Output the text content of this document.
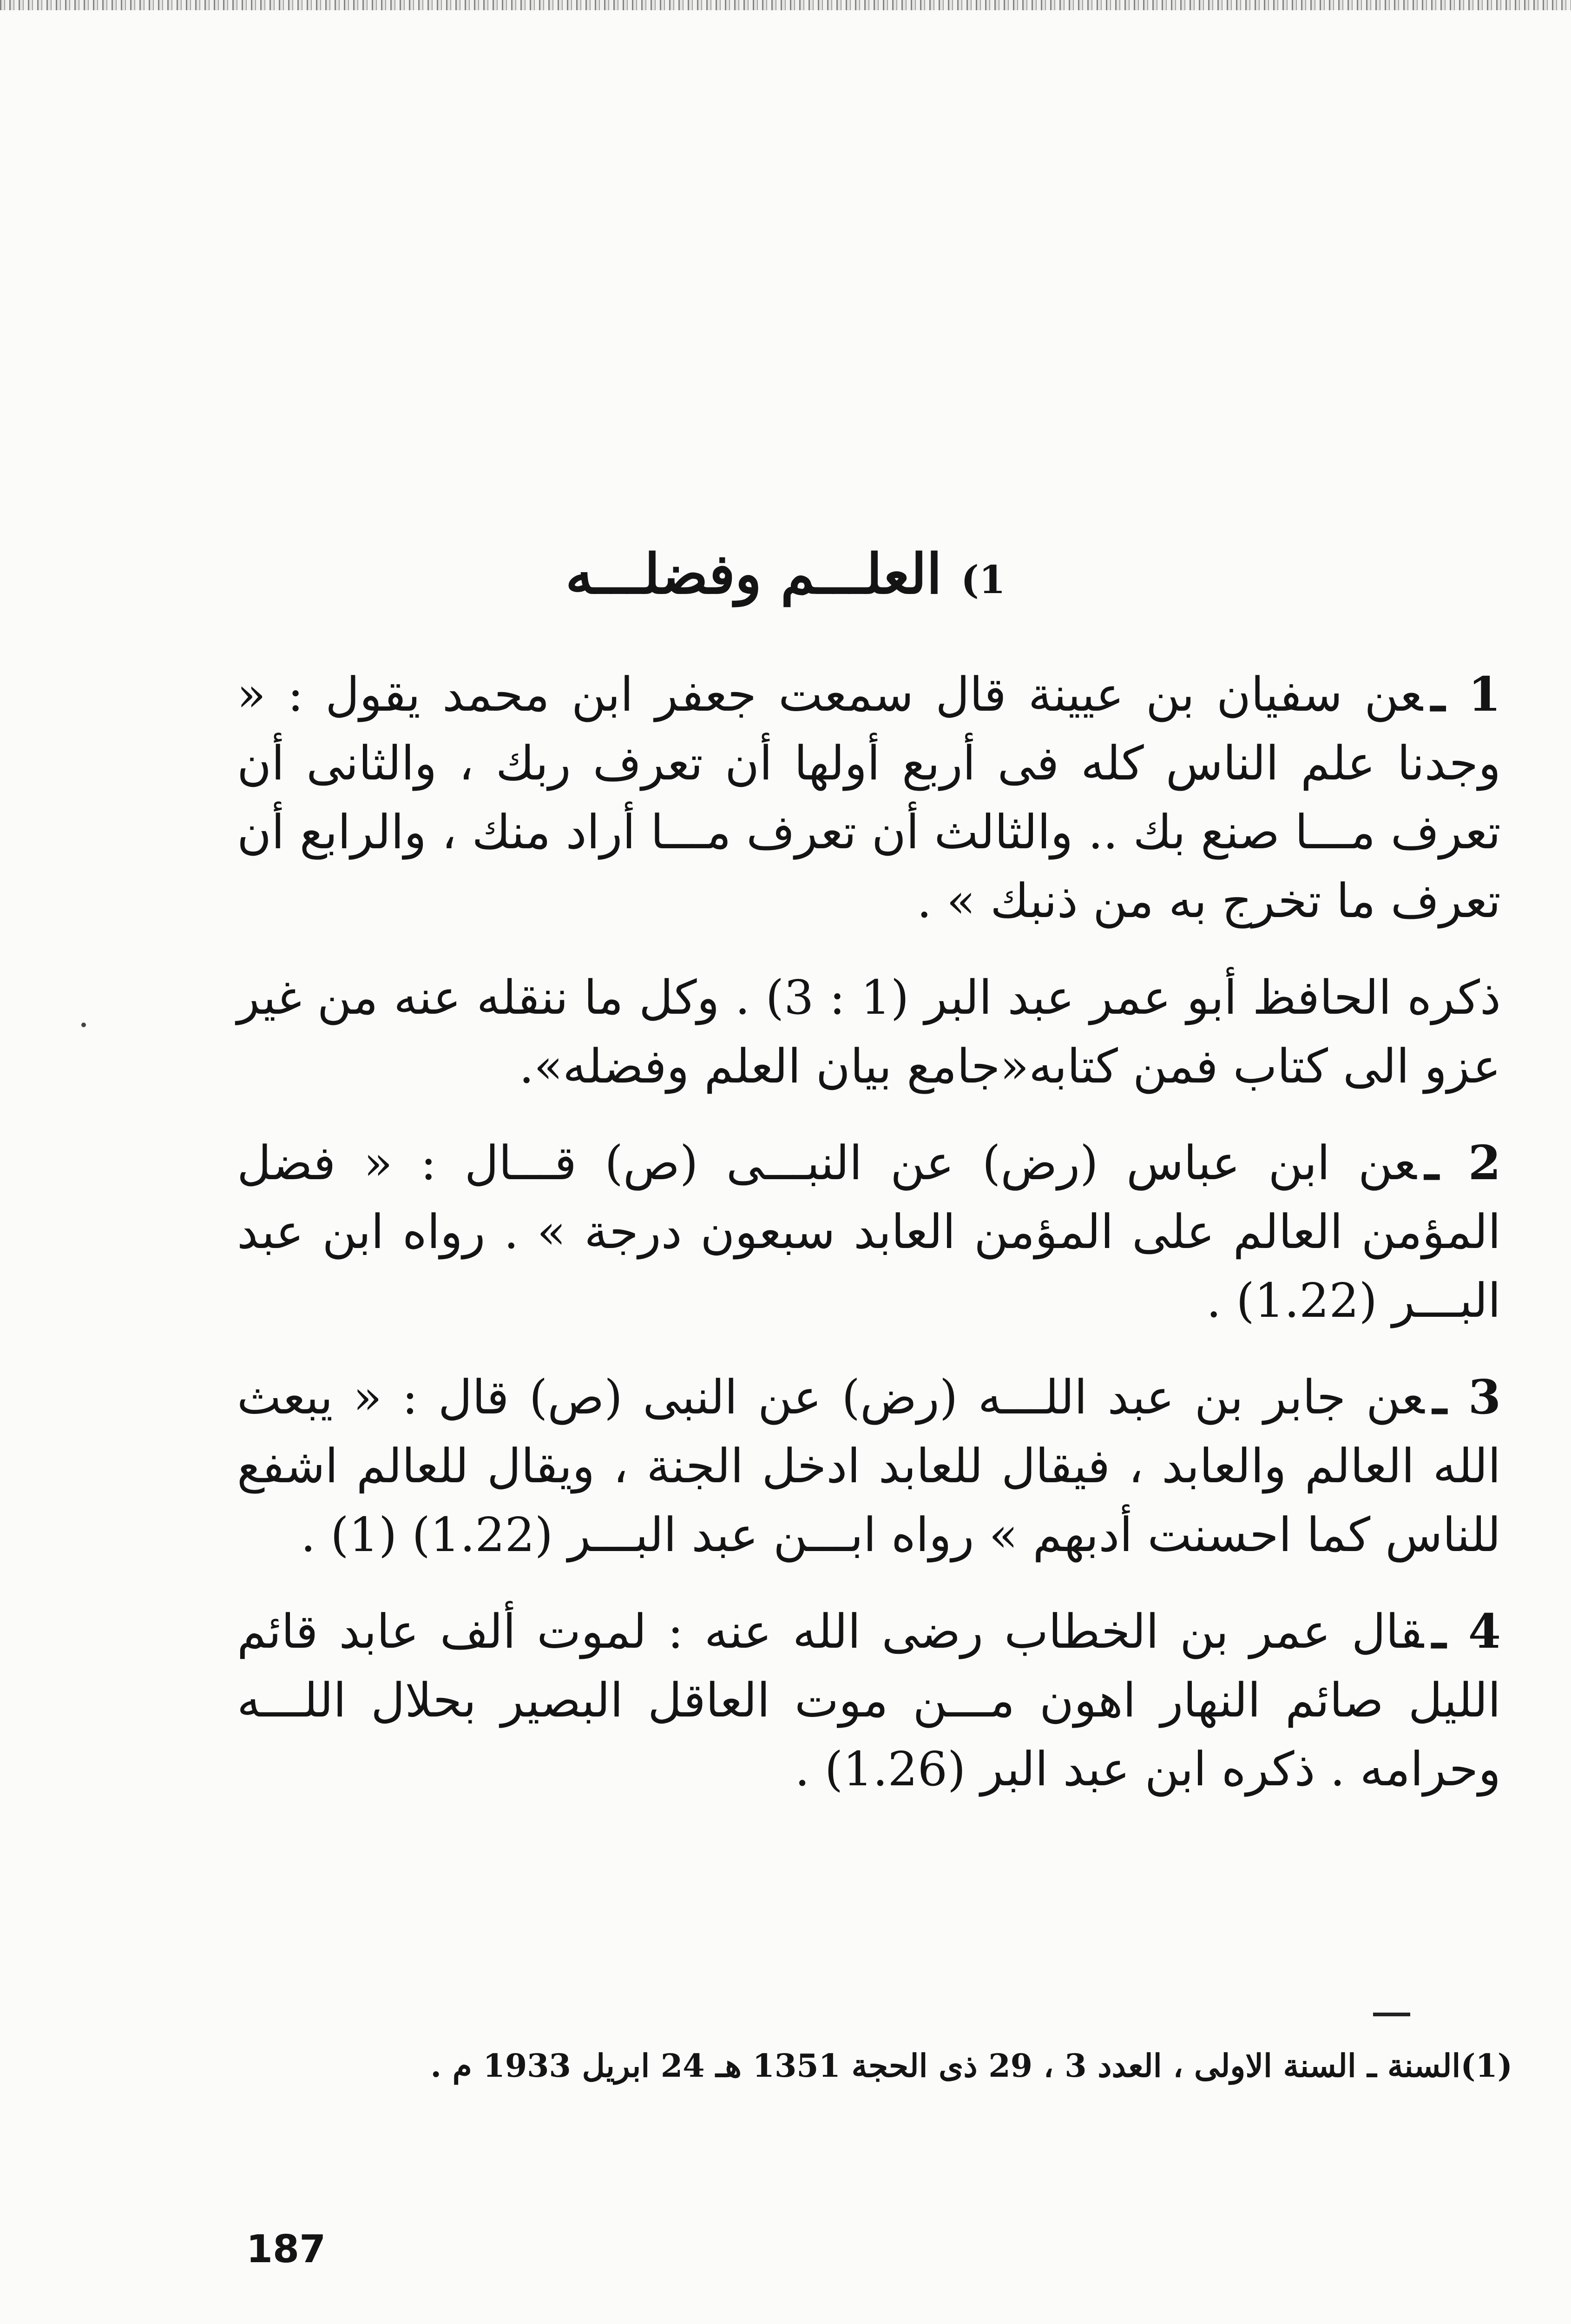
1) العلـــم وفضلـــه

1 ـعن سفيان بن عيينة قال سمعت جعفر ابن محمد يقول : « وجدنا علم الناس كله فى أربع أولها أن تعرف ربك ، والثانى أن تعرف مـــا صنع بك .. والثالث أن تعرف مـــا أراد منك ، والرابع أن تعرف ما تخرج به من ذنبك » .

ذكره الحافظ أبو عمر عبد البر (1 : 3) . وكل ما ننقله عنه من غير عزو الى كتاب فمن كتابه«جامع بيان العلم وفضله».

2 ـعن ابن عباس (رض) عن النبـــى (ص) قـــال : « فضل المؤمن العالم على المؤمن العابد سبعون درجة » . رواه ابن عبد البـــر (1.22) .

3 ـعن جابر بن عبد اللـــه (رض) عن النبى (ص) قال : « يبعث الله العالم والعابد ، فيقال للعابد ادخل الجنة ، ويقال للعالم اشفع للناس كما احسنت أدبهم » رواه ابـــن عبد البـــر (1.22) (1) .

4 ـقال عمر بن الخطاب رضى الله عنه : لموت ألف عابد قائم الليل صائم النهار اهون مـــن موت العاقل البصير بحلال اللـــه وحرامه . ذكره ابن عبد البر (1.26) .

(1)السنة ـ السنة الاولى ، العدد 3 ، 29 ذى الحجة 1351 هـ 24 ابريل 1933 م .
187
